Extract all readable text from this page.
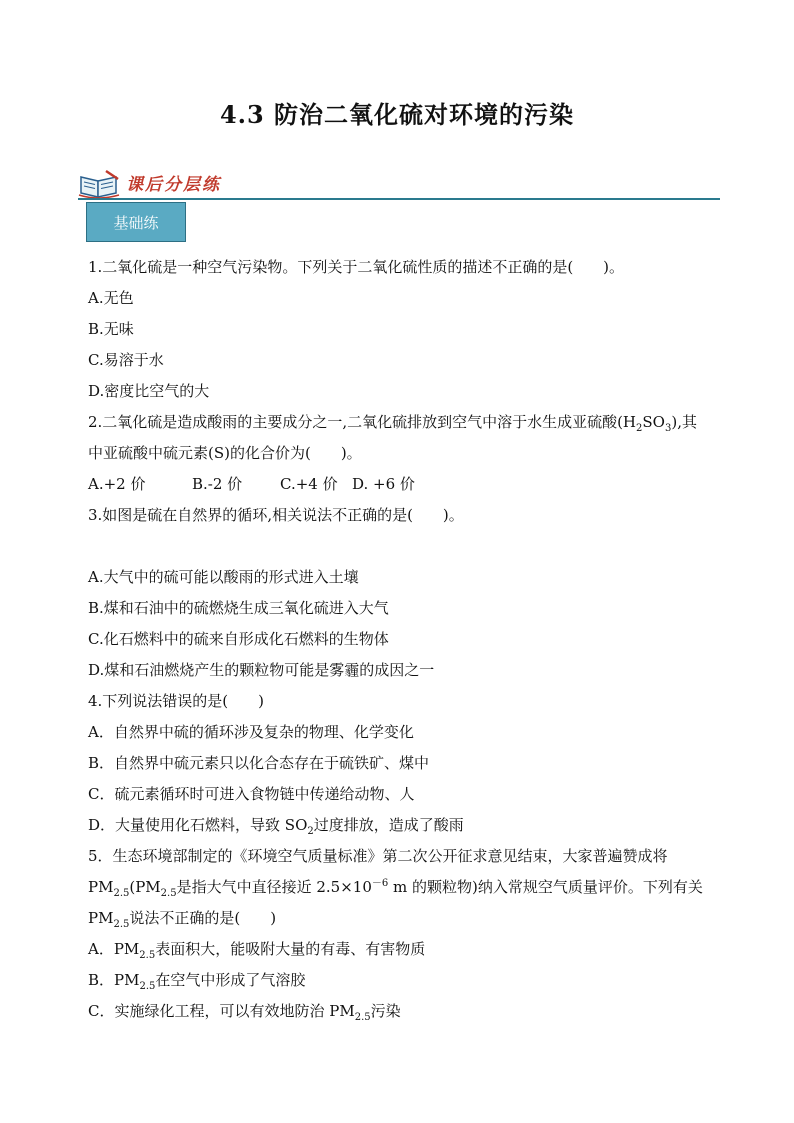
4.3 防治二氧化硫对环境的污染
课后分层练
基础练
1.二氧化硫是一种空气污染物。下列关于二氧化硫性质的描述不正确的是(　　)。
A.无色
B.无味
C.易溶于水
D.密度比空气的大
2.二氧化硫是造成酸雨的主要成分之一,二氧化硫排放到空气中溶于水生成亚硫酸$(H_2SO_3)$,其
中亚硫酸中硫元素(S)的化合价为(　　)。
A.+2 价	B.-2 价	C.+4 价 D. +6 价
3.如图是硫在自然界的循环,相关说法不正确的是(　　)。
A.大气中的硫可能以酸雨的形式进入土壤
B.煤和石油中的硫燃烧生成三氧化硫进入大气
C.化石燃料中的硫来自形成化石燃料的生物体
D.煤和石油燃烧产生的颗粒物可能是雾霾的成因之一
4.下列说法错误的是(　　)
A．自然界中硫的循环涉及复杂的物理、化学变化
B．自然界中硫元素只以化合态存在于硫铁矿、煤中
C．硫元素循环时可进入食物链中传递给动物、人
D．大量使用化石燃料，导致 $SO_2$过度排放，造成了酸雨
5．生态环境部制定的《环境空气质量标准》第二次公开征求意见结束，大家普遍赞成将
$PM_{2.5}(PM_{2.5}$是指大气中直径接近 $2.5\times 10^{-6}$ m 的颗粒物)纳入常规空气质量评价。下列有关
$PM_{2.5}$说法不正确的是(　　)
A．$PM_{2.5}$表面积大，能吸附大量的有毒、有害物质
B．$PM_{2.5}$在空气中形成了气溶胶
C．实施绿化工程，可以有效地防治 $PM_{2.5}$污染
